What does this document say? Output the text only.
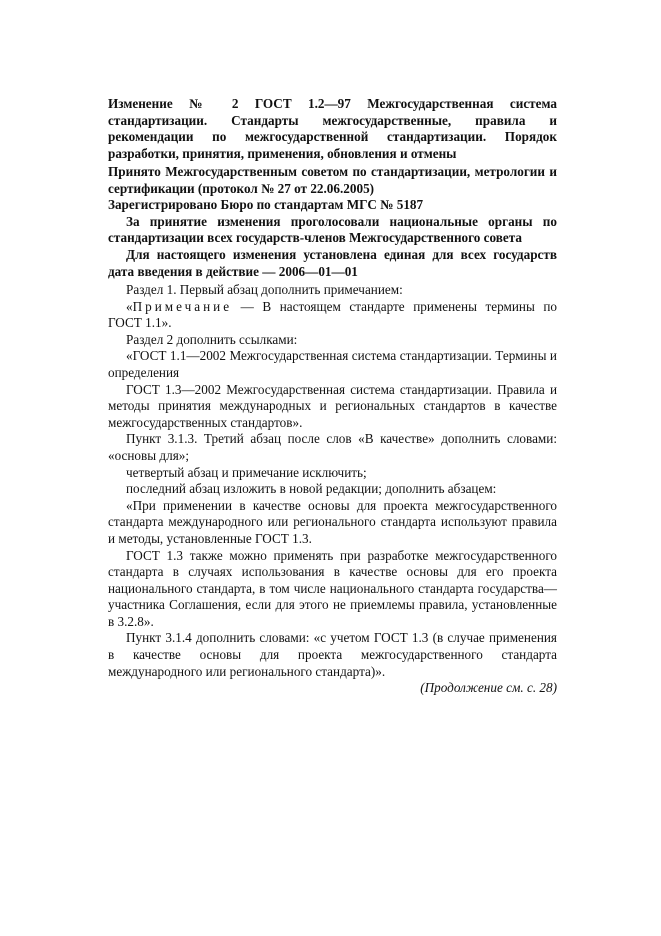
Изменение № 2 ГОСТ 1.2—97 Межгосударственная система стандартизации. Стандарты межгосударственные, правила и рекомендации по межгосударственной стандартизации. Порядок разработки, принятия, применения, обновления и отмены

Принято Межгосударственным советом по стандартизации, метрологии и сертификации (протокол № 27 от 22.06.2005)

Зарегистрировано Бюро по стандартам МГС № 5187

За принятие изменения проголосовали национальные органы по стандартизации всех государств-членов Межгосударственного совета

Для настоящего изменения установлена единая для всех государств дата введения в действие — 2006—01—01

Раздел 1. Первый абзац дополнить примечанием:

«Примечание — В настоящем стандарте применены термины по ГОСТ 1.1».

Раздел 2 дополнить ссылками:

«ГОСТ 1.1—2002 Межгосударственная система стандартизации. Термины и определения

ГОСТ 1.3—2002 Межгосударственная система стандартизации. Правила и методы принятия международных и региональных стандартов в качестве межгосударственных стандартов».

Пункт 3.1.3. Третий абзац после слов «В качестве» дополнить словами: «основы для»;

четвертый абзац и примечание исключить;

последний абзац изложить в новой редакции; дополнить абзацем:

«При применении в качестве основы для проекта межгосударственного стандарта международного или регионального стандарта используют правила и методы, установленные ГОСТ 1.3.

ГОСТ 1.3 также можно применять при разработке межгосударственного стандарта в случаях использования в качестве основы для его проекта национального стандарта, в том числе национального стандарта государства—участника Соглашения, если для этого не приемлемы правила, установленные в 3.2.8».

Пункт 3.1.4 дополнить словами: «с учетом ГОСТ 1.3 (в случае применения в качестве основы для проекта межгосударственного стандарта международного или регионального стандарта)».

(Продолжение см. с. 28)
